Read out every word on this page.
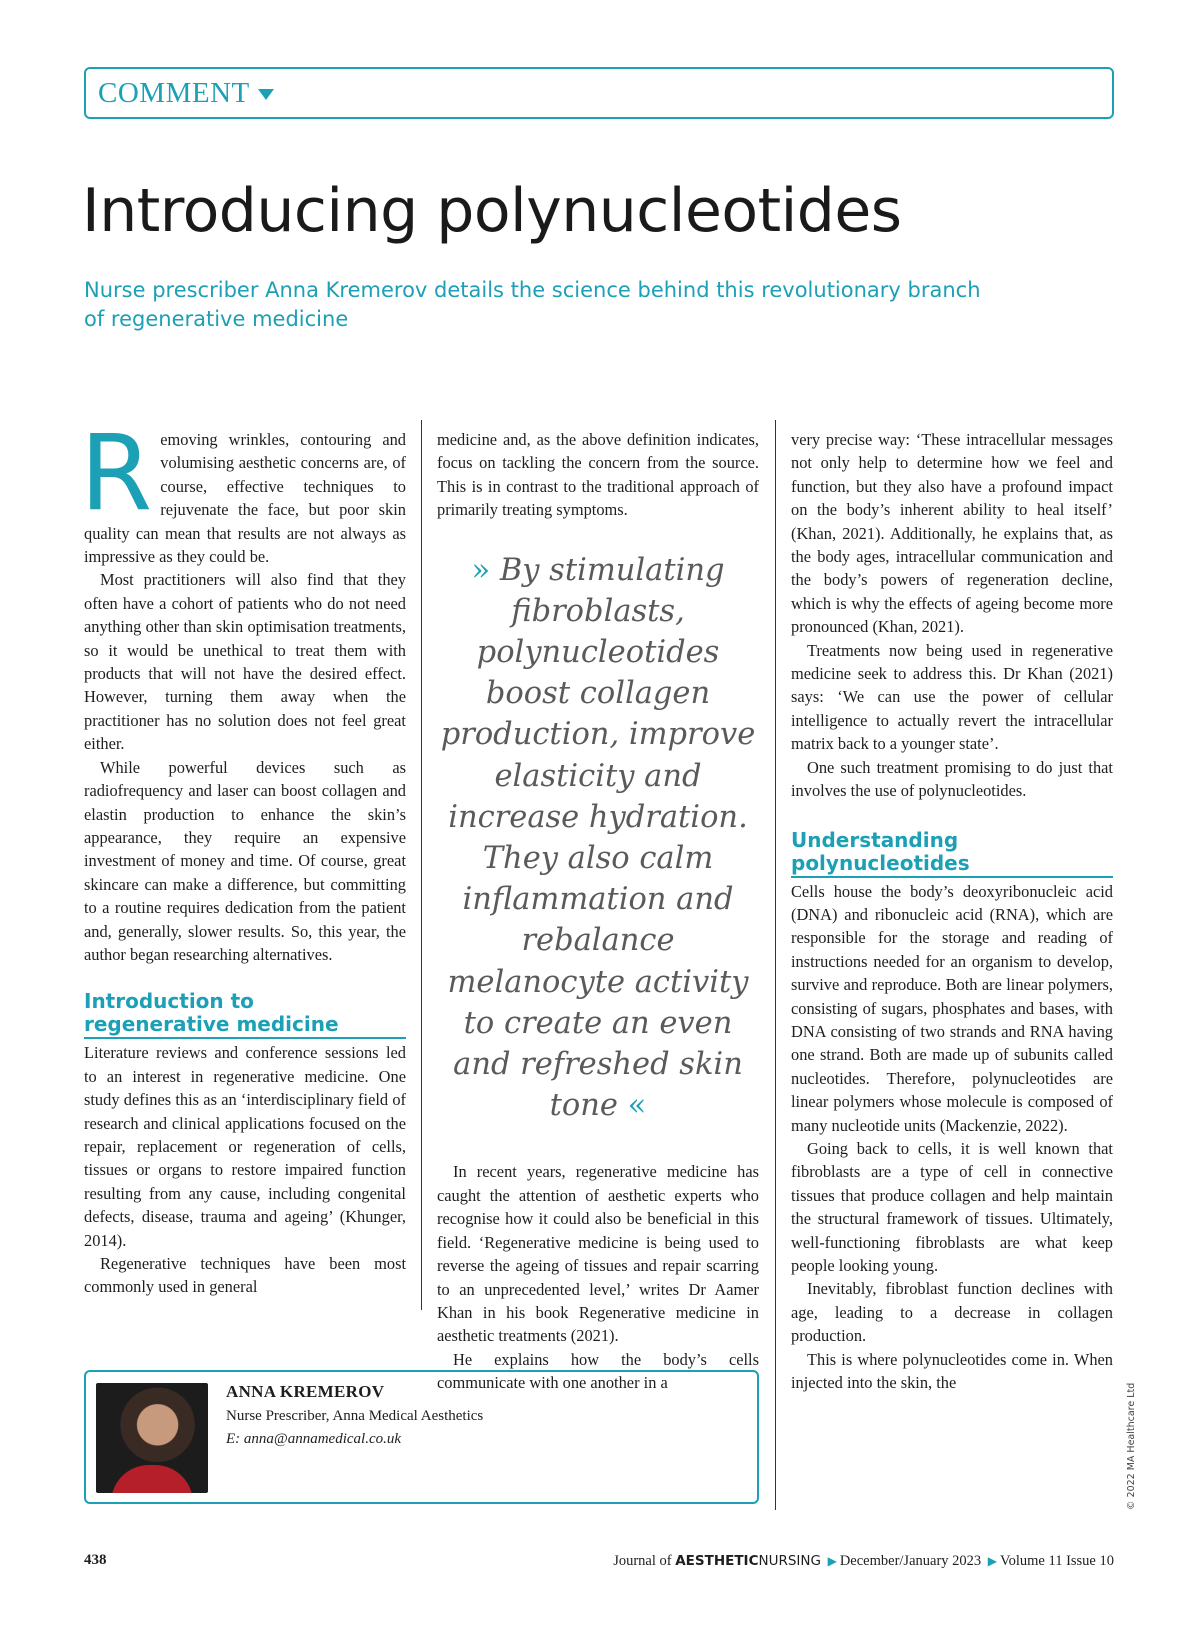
COMMENT
Introducing polynucleotides

Nurse prescriber Anna Kremerov details the science behind this revolutionary branch of regenerative medicine

Removing wrinkles, contouring and volumising aesthetic concerns are, of course, effective techniques to rejuvenate the face, but poor skin quality can mean that results are not always as impressive as they could be.

Most practitioners will also find that they often have a cohort of patients who do not need anything other than skin optimisation treatments, so it would be unethical to treat them with products that will not have the desired effect. However, turning them away when the practitioner has no solution does not feel great either.

While powerful devices such as radiofrequency and laser can boost collagen and elastin production to enhance the skin’s appearance, they require an expensive investment of money and time. Of course, great skincare can make a difference, but committing to a routine requires dedication from the patient and, generally, slower results. So, this year, the author began researching alternatives.

Introduction to regenerative medicine

Literature reviews and conference sessions led to an interest in regenerative medicine. One study defines this as an ‘interdisciplinary field of research and clinical applications focused on the repair, replacement or regeneration of cells, tissues or organs to restore impaired function resulting from any cause, including congenital defects, disease, trauma and ageing’ (Khunger, 2014).

Regenerative techniques have been most commonly used in general

medicine and, as the above definition indicates, focus on tackling the concern from the source. This is in contrast to the traditional approach of primarily treating symptoms.

» By stimulating fibroblasts, polynucleotides boost collagen production, improve elasticity and increase hydration. They also calm inflammation and rebalance melanocyte activity to create an even and refreshed skin tone «

In recent years, regenerative medicine has caught the attention of aesthetic experts who recognise how it could also be beneficial in this field. ‘Regenerative medicine is being used to reverse the ageing of tissues and repair scarring to an unprecedented level,’ writes Dr Aamer Khan in his book Regenerative medicine in aesthetic treatments (2021).

He explains how the body’s cells communicate with one another in a

very precise way: ‘These intracellular messages not only help to determine how we feel and function, but they also have a profound impact on the body’s inherent ability to heal itself’ (Khan, 2021). Additionally, he explains that, as the body ages, intracellular communication and the body’s powers of regeneration decline, which is why the effects of ageing become more pronounced (Khan, 2021).

Treatments now being used in regenerative medicine seek to address this. Dr Khan (2021) says: ‘We can use the power of cellular intelligence to actually revert the intracellular matrix back to a younger state’.

One such treatment promising to do just that involves the use of polynucleotides.

Understanding polynucleotides

Cells house the body’s deoxyribonucleic acid (DNA) and ribonucleic acid (RNA), which are responsible for the storage and reading of instructions needed for an organism to develop, survive and reproduce. Both are linear polymers, consisting of sugars, phosphates and bases, with DNA consisting of two strands and RNA having one strand. Both are made up of subunits called nucleotides. Therefore, polynucleotides are linear polymers whose molecule is composed of many nucleotide units (Mackenzie, 2022).

Going back to cells, it is well known that fibroblasts are a type of cell in connective tissues that produce collagen and help maintain the structural framework of tissues. Ultimately, well-functioning fibroblasts are what keep people looking young.

Inevitably, fibroblast function declines with age, leading to a decrease in collagen production.

This is where polynucleotides come in. When injected into the skin, the

ANNA KREMEROV
Nurse Prescriber, Anna Medical Aesthetics
E: anna@annamedical.co.uk	© 2022 MA Healthcare Ltd
438	Journal of AESTHETICNURSING ▶ December/January 2023 ▶ Volume 11 Issue 10
